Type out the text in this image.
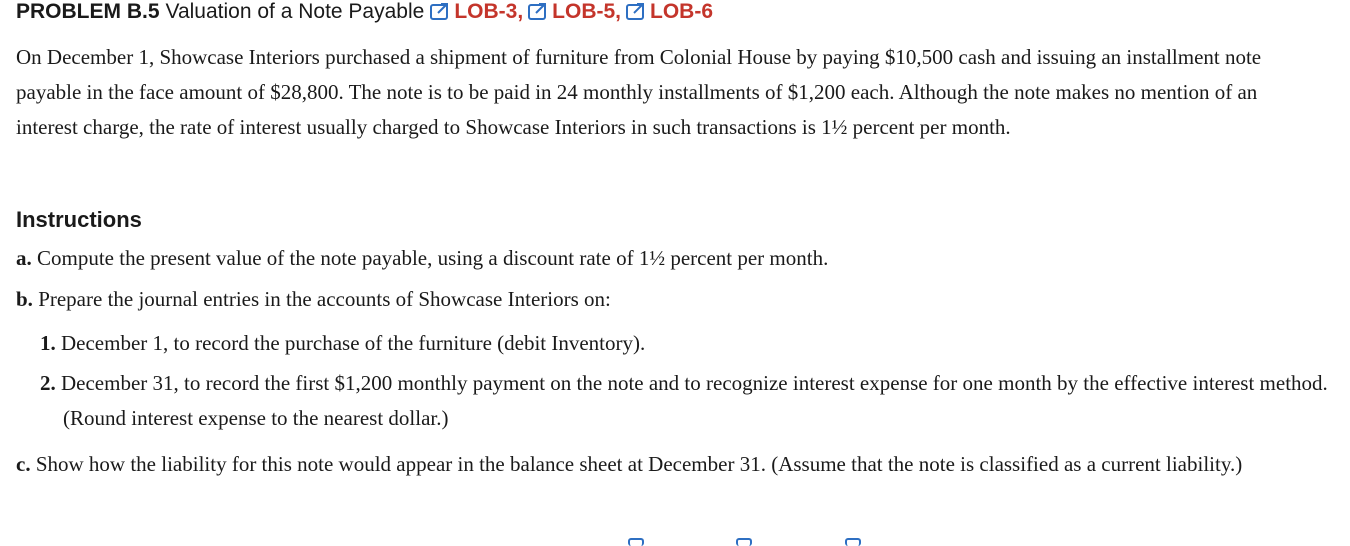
PROBLEM B.5 Valuation of a Note Payable LOB-3 , LOB-5 , LOB-6

On December 1, Showcase Interiors purchased a shipment of furniture from Colonial House by paying $10,500 cash and issuing an installment note payable in the face amount of $28,800. The note is to be paid in 24 monthly installments of $1,200 each. Although the note makes no mention of an interest charge, the rate of interest usually charged to Showcase Interiors in such transactions is 1½ percent per month.

Instructions

a. Compute the present value of the note payable, using a discount rate of 1½ percent per month.

b. Prepare the journal entries in the accounts of Showcase Interiors on:

1. December 1, to record the purchase of the furniture (debit Inventory).

2. December 31, to record the first $1,200 monthly payment on the note and to recognize interest expense for one month by the effective interest method. (Round interest expense to the nearest dollar.)

c. Show how the liability for this note would appear in the balance sheet at December 31. (Assume that the note is classified as a current liability.)
